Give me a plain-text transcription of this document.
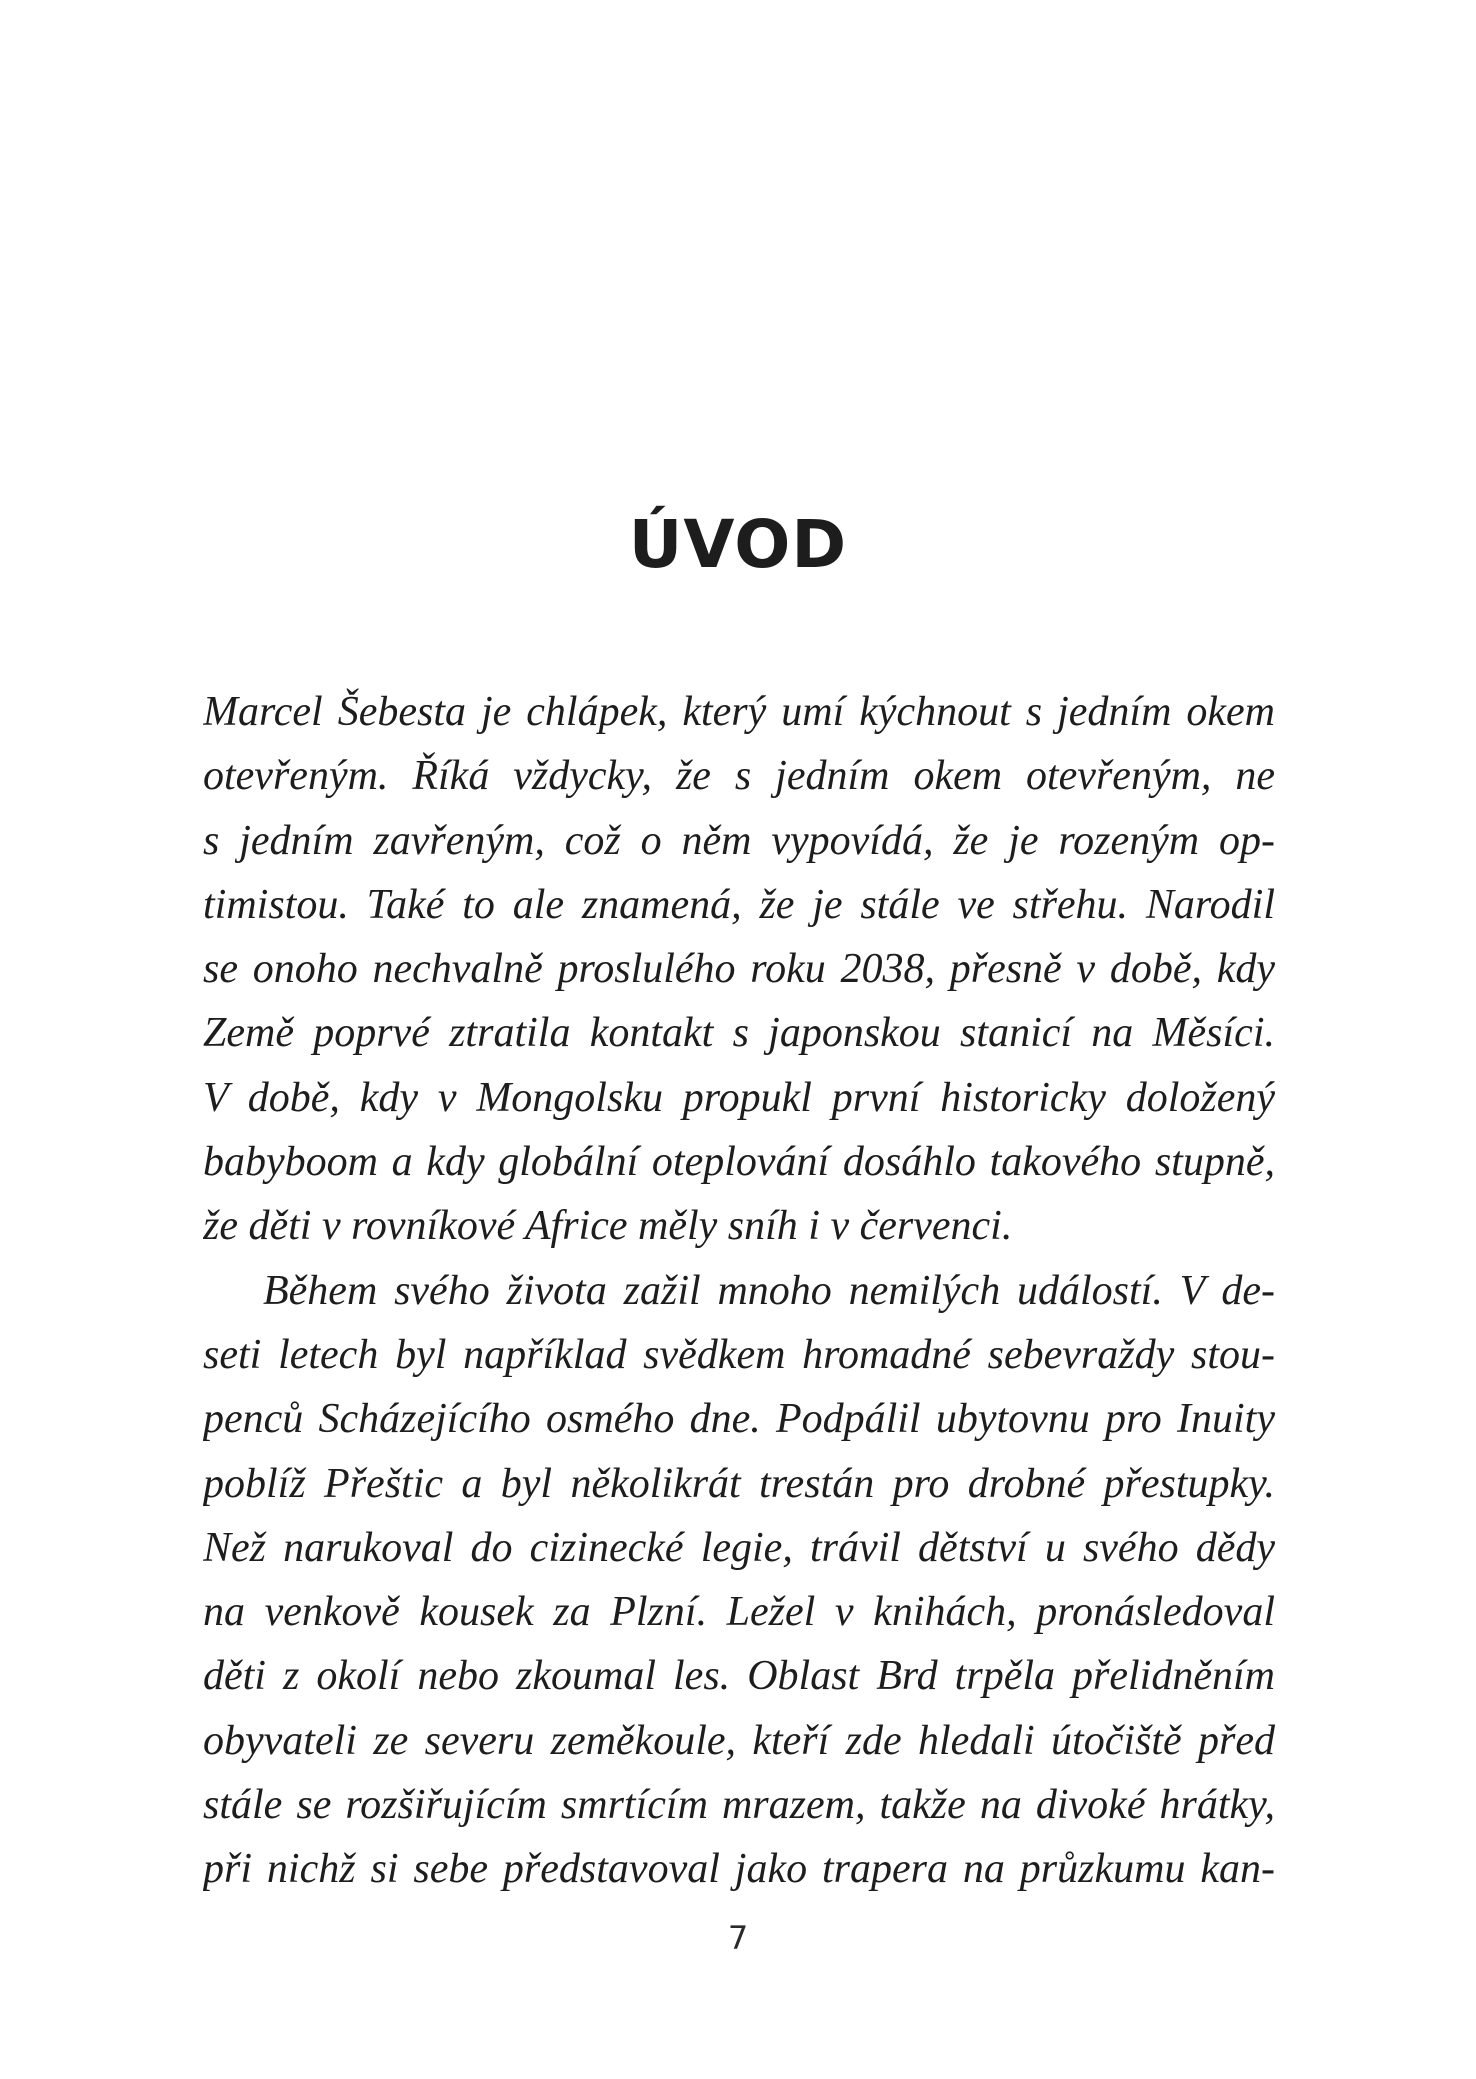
ÚVOD
Marcel Šebesta je chlápek, který umí kýchnout s jedním okem
otevřeným. Říká vždycky, že s jedním okem otevřeným, ne
s jedním zavřeným, což o něm vypovídá, že je rozeným op-
timistou. Také to ale znamená, že je stále ve střehu. Narodil
se onoho nechvalně proslulého roku 2038, přesně v době, kdy
Země poprvé ztratila kontakt s japonskou stanicí na Měsíci.
V době, kdy v Mongolsku propukl první historicky doložený
babyboom a kdy globální oteplování dosáhlo takového stupně,
že děti v rovníkové Africe měly sníh i v červenci.
Během svého života zažil mnoho nemilých událostí. V de-
seti letech byl například svědkem hromadné sebevraždy stou-
penců Scházejícího osmého dne. Podpálil ubytovnu pro Inuity
poblíž Přeštic a byl několikrát trestán pro drobné přestupky.
Než narukoval do cizinecké legie, trávil dětství u svého dědy
na venkově kousek za Plzní. Ležel v knihách, pronásledoval
děti z okolí nebo zkoumal les. Oblast Brd trpěla přelidněním
obyvateli ze severu zeměkoule, kteří zde hledali útočiště před
stále se rozšiřujícím smrtícím mrazem, takže na divoké hrátky,
při nichž si sebe představoval jako trapera na průzkumu kan-
7
